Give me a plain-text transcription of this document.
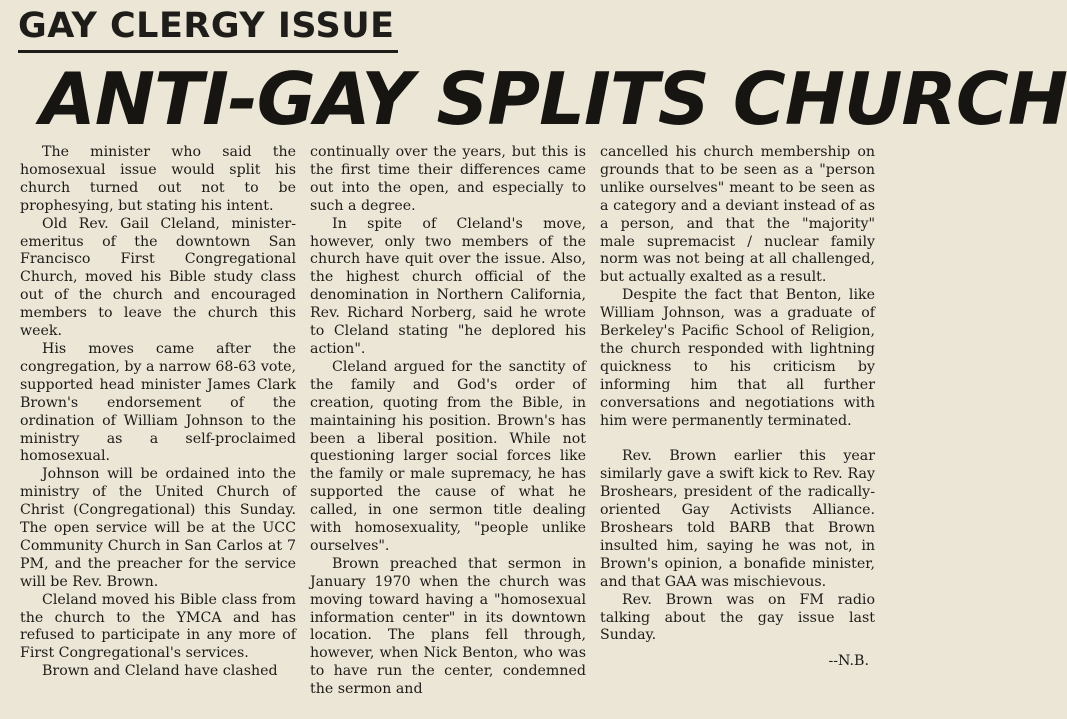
GAY CLERGY ISSUE
ANTI-GAY SPLITS CHURCH

The minister who said the homosexual issue would split his church turned out not to be prophesying, but stating his intent.

Old Rev. Gail Cleland, minister-emeritus of the downtown San Francisco First Congregational Church, moved his Bible study class out of the church and encouraged members to leave the church this week.

His moves came after the congregation, by a narrow 68-63 vote, supported head minister James Clark Brown's endorsement of the ordination of William Johnson to the ministry as a self-proclaimed homosexual.

Johnson will be ordained into the ministry of the United Church of Christ (Congregational) this Sunday. The open service will be at the UCC Community Church in San Carlos at 7 PM, and the preacher for the service will be Rev. Brown.

Cleland moved his Bible class from the church to the YMCA and has refused to participate in any more of First Congregational's services.

Brown and Cleland have clashed

continually over the years, but this is the first time their differences came out into the open, and especially to such a degree.

In spite of Cleland's move, however, only two members of the church have quit over the issue. Also, the highest church official of the denomination in Northern California, Rev. Richard Norberg, said he wrote to Cleland stating "he deplored his action".

Cleland argued for the sanctity of the family and God's order of creation, quoting from the Bible, in maintaining his position. Brown's has been a liberal position. While not questioning larger social forces like the family or male supremacy, he has supported the cause of what he called, in one sermon title dealing with homosexuality, "people unlike ourselves".

Brown preached that sermon in January 1970 when the church was moving toward having a "homosexual information center" in its downtown location. The plans fell through, however, when Nick Benton, who was to have run the center, condemned the sermon and

cancelled his church membership on grounds that to be seen as a "person unlike ourselves" meant to be seen as a category and a deviant instead of as a person, and that the "majority" male supremacist / nuclear family norm was not being at all challenged, but actually exalted as a result.

Despite the fact that Benton, like William Johnson, was a graduate of Berkeley's Pacific School of Religion, the church responded with lightning quickness to his criticism by informing him that all further conversations and negotiations with him were permanently terminated.

Rev. Brown earlier this year similarly gave a swift kick to Rev. Ray Broshears, president of the radically-oriented Gay Activists Alliance. Broshears told BARB that Brown insulted him, saying he was not, in Brown's opinion, a bonafide minister, and that GAA was mischievous.

Rev. Brown was on FM radio talking about the gay issue last Sunday.

--N.B.
